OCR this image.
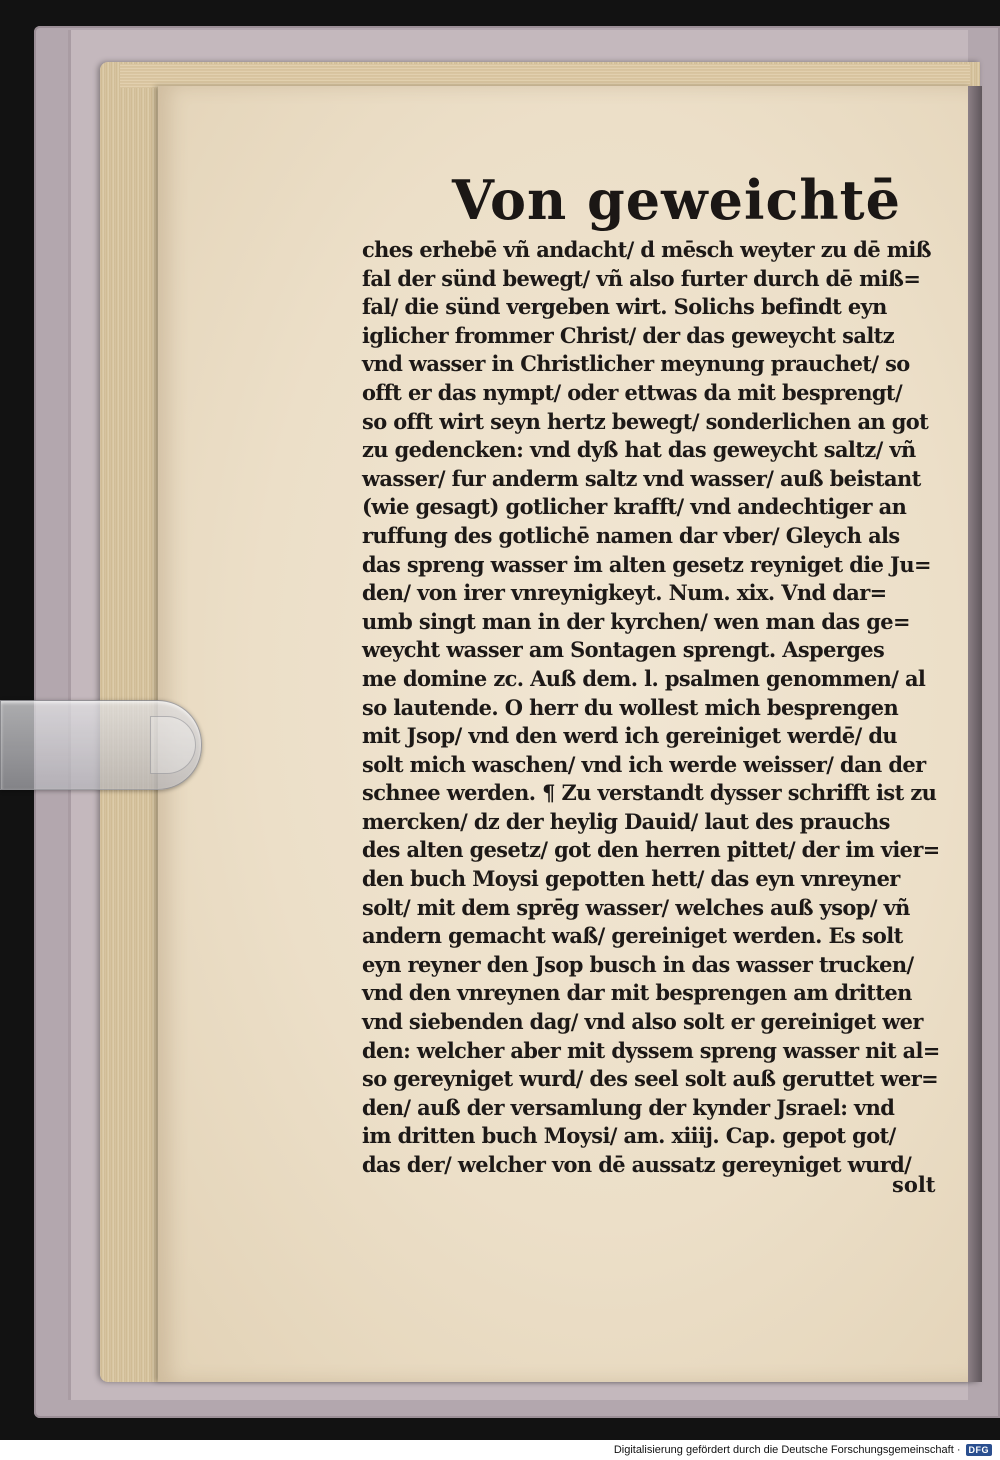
Von geweichtē
ches erhebē vñ andacht/ d mēsch weyter zu dē miß
fal der sünd bewegt/ vñ also furter durch dē miß=
fal/ die sünd vergeben wirt. Solichs befindt eyn
iglicher frommer Christ/ der das geweycht saltz
vnd wasser in Christlicher meynung prauchet/ so
offt er das nympt/ oder ettwas da mit besprengt/
so offt wirt seyn hertz bewegt/ sonderlichen an got
zu gedencken: vnd dyß hat das geweycht saltz/ vñ
wasser/ fur anderm saltz vnd wasser/ auß beistant
(wie gesagt) gotlicher krafft/ vnd andechtiger an
ruffung des gotlichē namen dar vber/ Gleych als
das spreng wasser im alten gesetz reyniget die Ju=
den/ von irer vnreynigkeyt. Num. xix. Vnd dar=
umb singt man in der kyrchen/ wen man das ge=
weycht wasser am Sontagen sprengt. Asperges
me domine zc. Auß dem. l. psalmen genommen/ al
so lautende. O herr du wollest mich besprengen
mit Jsop/ vnd den werd ich gereiniget werdē/ du
solt mich waschen/ vnd ich werde weisser/ dan der
schnee werden. ¶ Zu verstandt dysser schrifft ist zu
mercken/ dz der heylig Dauid/ laut des prauchs
des alten gesetz/ got den herren pittet/ der im vier=
den buch Moysi gepotten hett/ das eyn vnreyner
solt/ mit dem sprēg wasser/ welches auß ysop/ vñ
andern gemacht waß/ gereiniget werden. Es solt
eyn reyner den Jsop busch in das wasser trucken/
vnd den vnreynen dar mit besprengen am dritten
vnd siebenden dag/ vnd also solt er gereiniget wer
den: welcher aber mit dyssem spreng wasser nit al=
so gereyniget wurd/ des seel solt auß geruttet wer=
den/ auß der versamlung der kynder Jsrael: vnd
im dritten buch Moysi/ am. xiiij. Cap. gepot got/
das der/ welcher von dē aussatz gereyniget wurd/
solt
Digitalisierung gefördert durch die Deutsche Forschungsgemeinschaft · DFG
